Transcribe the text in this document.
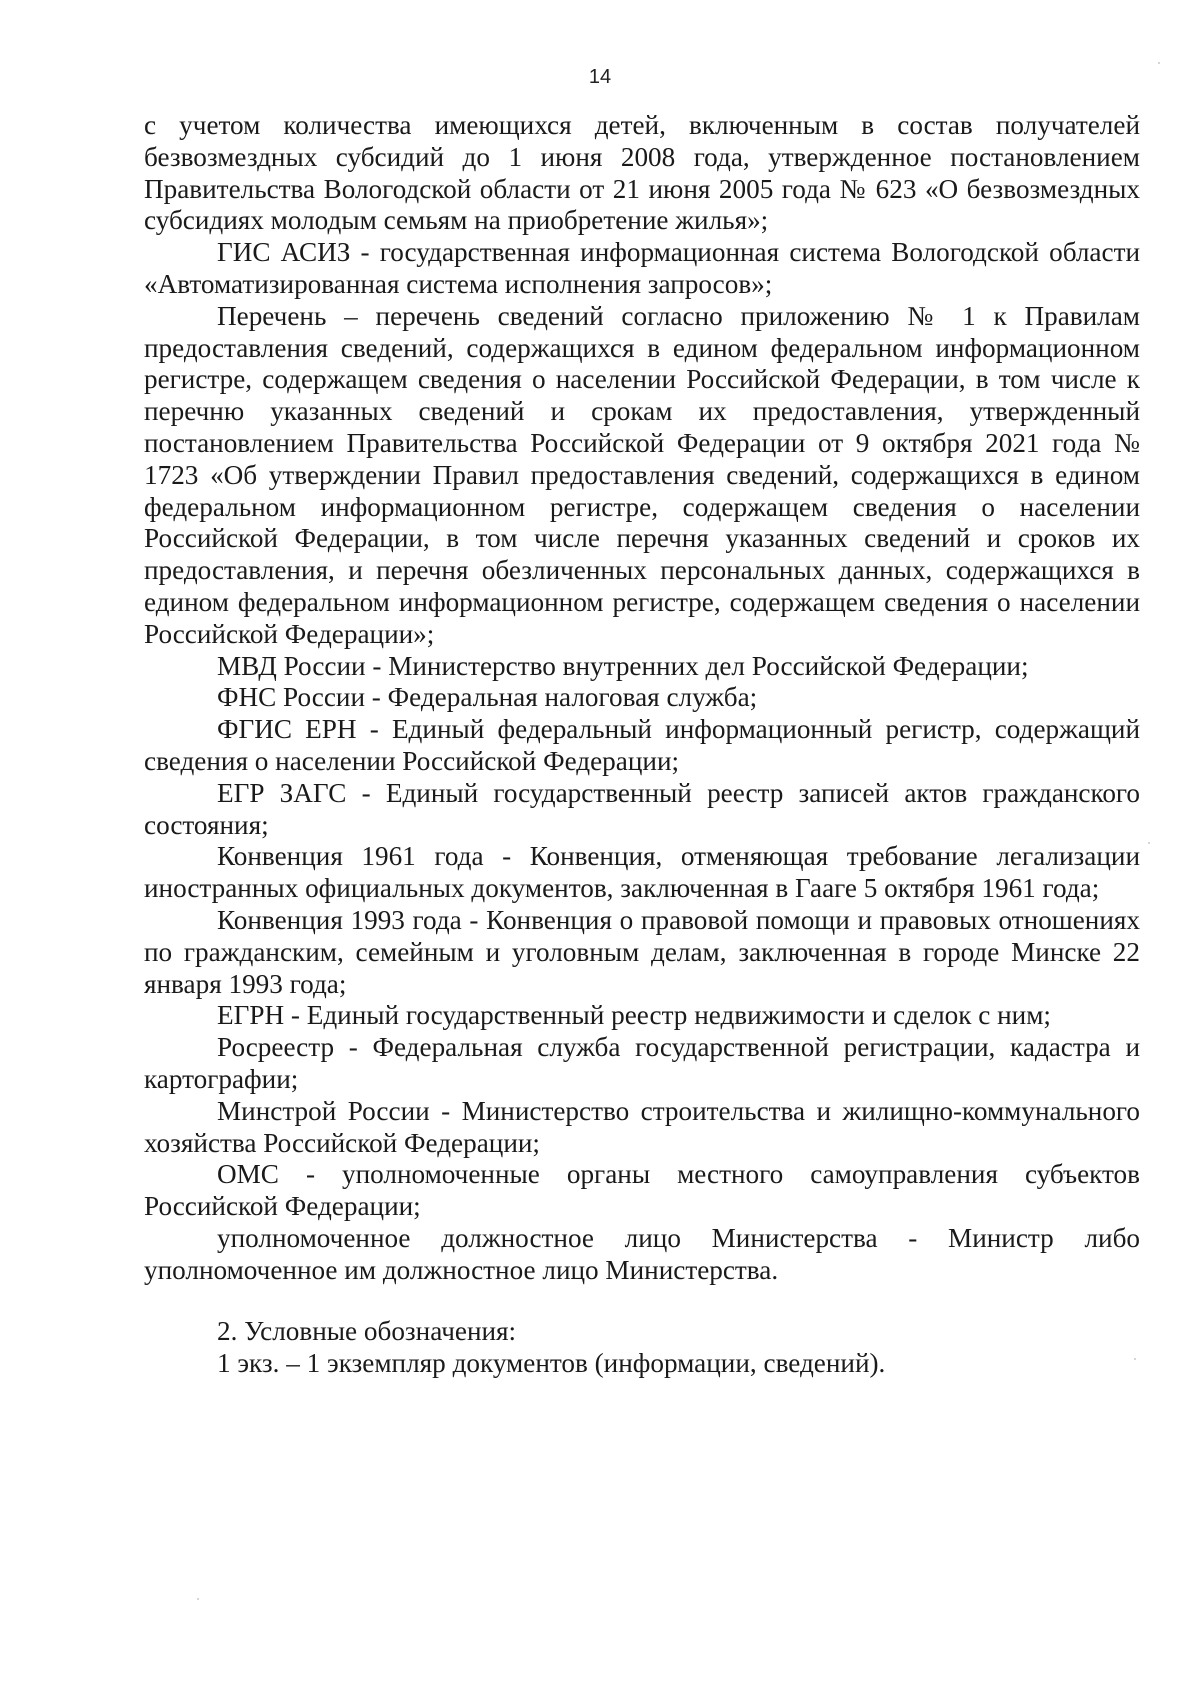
14

с учетом количества имеющихся детей, включенным в состав получателей безвозмездных субсидий до 1 июня 2008 года, утвержденное постановлением Правительства Вологодской области от 21 июня 2005 года № 623 «О безвозмездных субсидиях молодым семьям на приобретение жилья»;

ГИС АСИЗ - государственная информационная система Вологодской области «Автоматизированная система исполнения запросов»;

Перечень – перечень сведений согласно приложению № 1 к Правилам предоставления сведений, содержащихся в едином федеральном информационном регистре, содержащем сведения о населении Российской Федерации, в том числе к перечню указанных сведений и срокам их предоставления, утвержденный постановлением Правительства Российской Федерации от 9 октября 2021 года № 1723 «Об утверждении Правил предоставления сведений, содержащихся в едином федеральном информационном регистре, содержащем сведения о населении Российской Федерации, в том числе перечня указанных сведений и сроков их предоставления, и перечня обезличенных персональных данных, содержащихся в едином федеральном информационном регистре, содержащем сведения о населении Российской Федерации»;

МВД России - Министерство внутренних дел Российской Федерации;

ФНС России - Федеральная налоговая служба;

ФГИС ЕРН - Единый федеральный информационный регистр, содержащий сведения о населении Российской Федерации;

ЕГР ЗАГС - Единый государственный реестр записей актов гражданского состояния;

Конвенция 1961 года - Конвенция, отменяющая требование легализации иностранных официальных документов, заключенная в Гааге 5 октября 1961 года;

Конвенция 1993 года - Конвенция о правовой помощи и правовых отношениях по гражданским, семейным и уголовным делам, заключенная в городе Минске 22 января 1993 года;

ЕГРН - Единый государственный реестр недвижимости и сделок с ним;

Росреестр - Федеральная служба государственной регистрации, кадастра и картографии;

Минстрой России - Министерство строительства и жилищно-коммунального хозяйства Российской Федерации;

ОМС - уполномоченные органы местного самоуправления субъектов Российской Федерации;

уполномоченное должностное лицо Министерства - Министр либо уполномоченное им должностное лицо Министерства.

2. Условные обозначения:

1 экз. – 1 экземпляр документов (информации, сведений).
